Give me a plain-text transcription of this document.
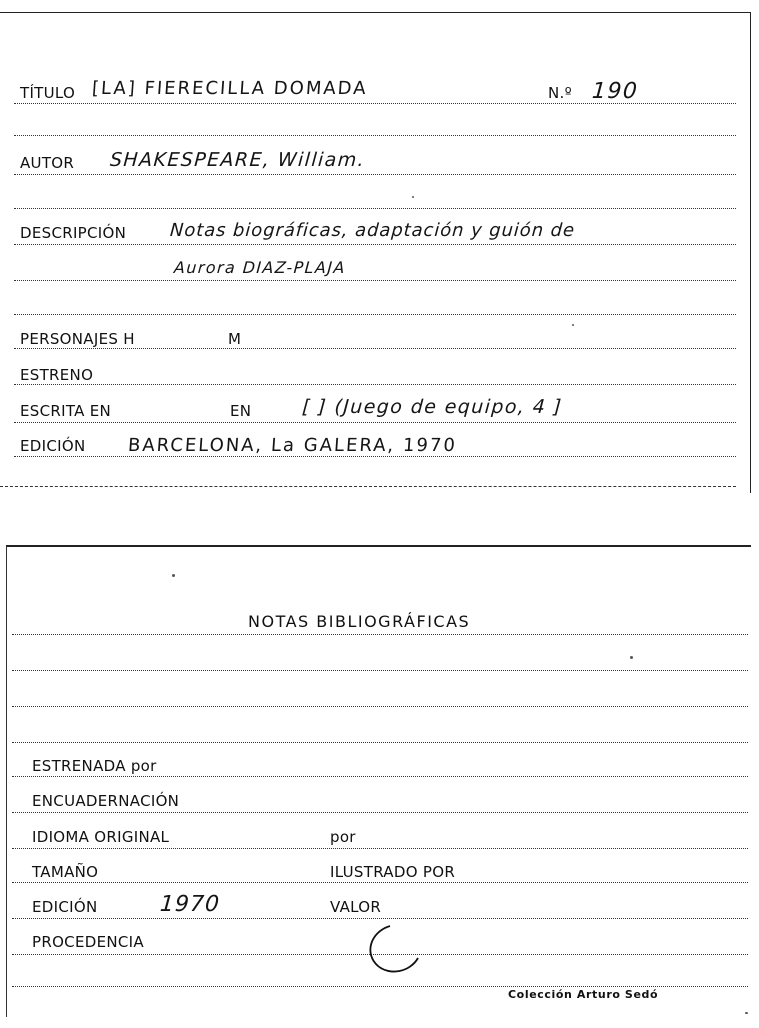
TÍTULO [LA] FIERECILLA DOMADA	N.º 190
AUTOR SHAKESPEARE, William.
DESCRIPCIÓN Notas biográficas, adaptación y guión de
Aurora DIAZ-PLAJA
PERSONAJES H	M
ESTRENO
ESCRITA EN	EN	[ ] (Juego de equipo, 4 ]
EDICIÓN BARCELONA, La GALERA, 1970
NOTAS BIBLIOGRÁFICAS
ESTRENADA por
ENCUADERNACIÓN
IDIOMA ORIGINAL	por
TAMAÑO	ILUSTRADO POR
EDICIÓN	1970	VALOR
PROCEDENCIA
Colección Arturo Sedó
